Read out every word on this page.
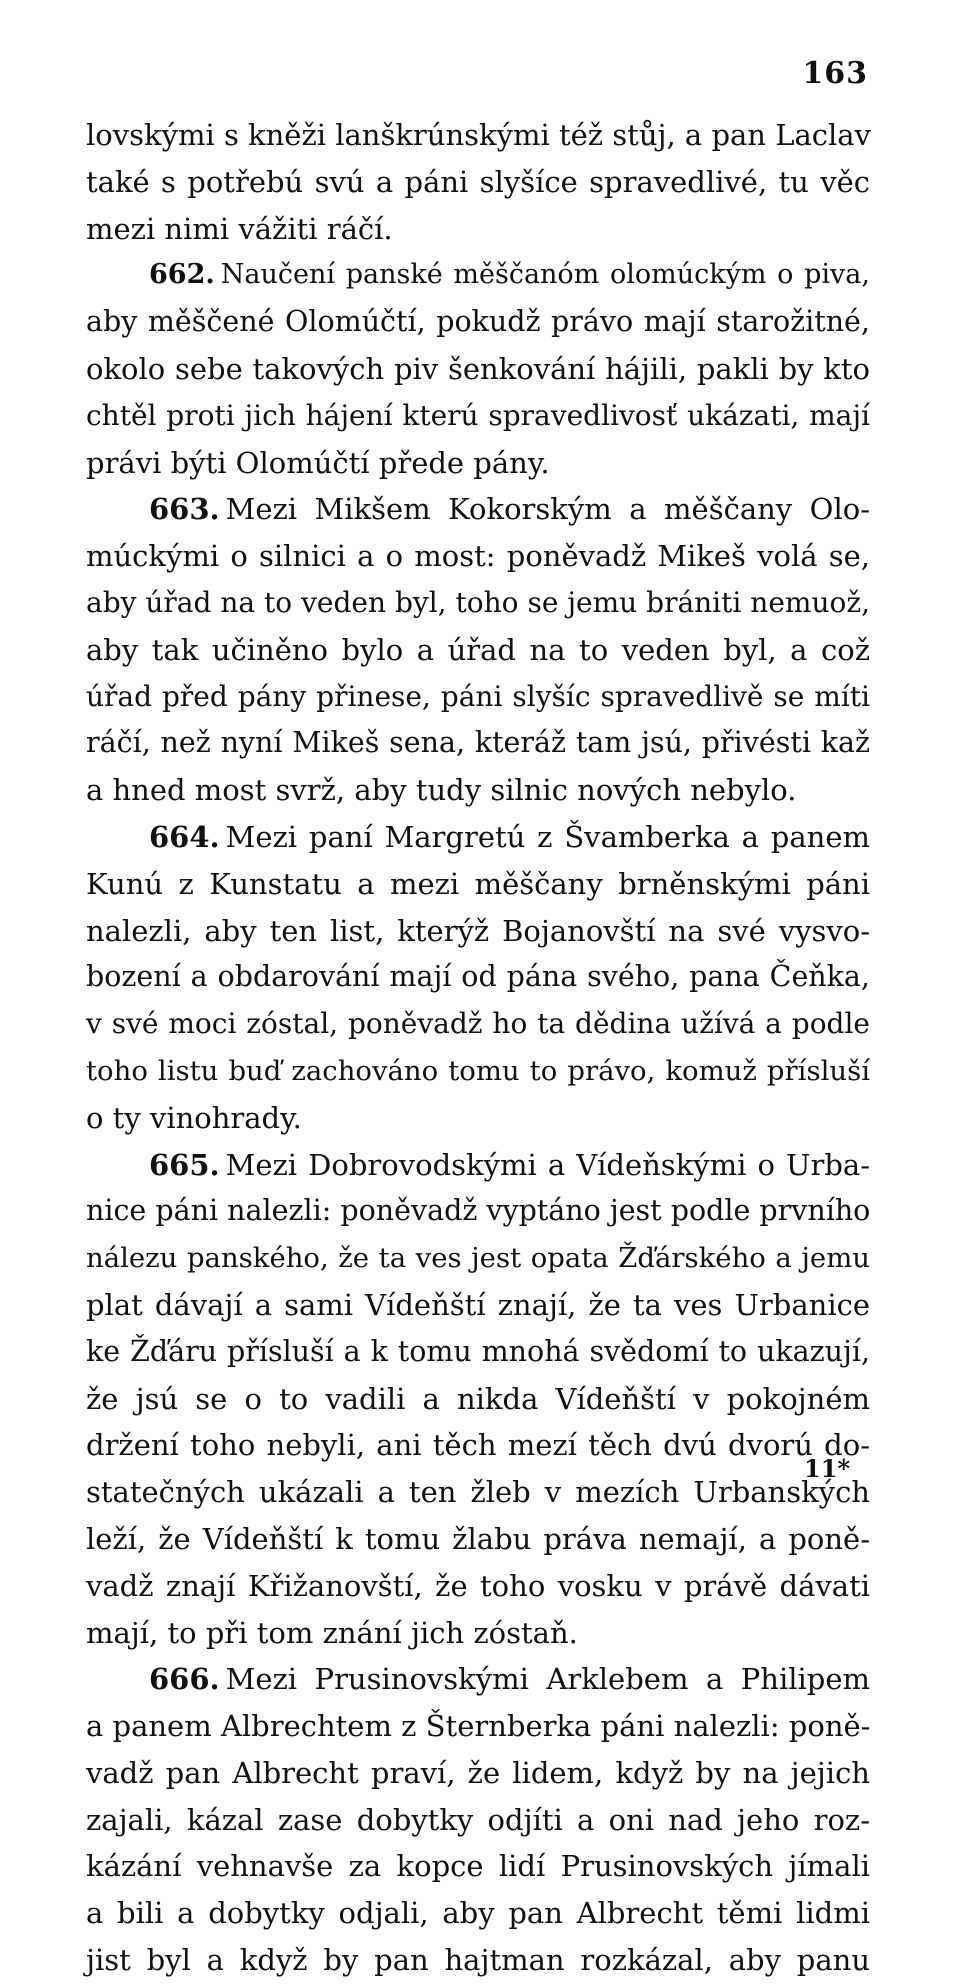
163
lovskými s kněži lanškrúnskými též stůj, a pan Laclav
také s potřebú svú a páni slyšíce spravedlivé, tu věc
mezi nimi vážiti ráčí.
662. Naučení panské měščanóm olomúckým o piva,
aby měščené Olomúčtí, pokudž právo mají starožitné,
okolo sebe takových piv šenkování hájili, pakli by kto
chtěl proti jich hájení kterú spravedlivosť ukázati, mají
právi býti Olomúčtí přede pány.
663. Mezi Mikšem Kokorským a měščany Olo-
múckými o silnici a o most: poněvadž Mikeš volá se,
aby úřad na to veden byl, toho se jemu brániti nemuož,
aby tak učiněno bylo a úřad na to veden byl, a což
úřad před pány přinese, páni slyšíc spravedlivě se míti
ráčí, než nyní Mikeš sena, kteráž tam jsú, přivésti kaž
a hned most svrž, aby tudy silnic nových nebylo.
664. Mezi paní Margretú z Švamberka a panem
Kunú z Kunstatu a mezi měščany brněnskými páni
nalezli, aby ten list, kterýž Bojanovští na své vysvo-
bození a obdarování mají od pána svého, pana Čeňka,
v své moci zóstal, poněvadž ho ta dědina užívá a podle
toho listu buď zachováno tomu to právo, komuž přísluší
o ty vinohrady.
665. Mezi Dobrovodskými a Vídeňskými o Urba-
nice páni nalezli: poněvadž vyptáno jest podle prvního
nálezu panského, že ta ves jest opata Žďárského a jemu
plat dávají a sami Vídeňští znají, že ta ves Urbanice
ke Žďáru přísluší a k tomu mnohá svědomí to ukazují,
že jsú se o to vadili a nikda Vídeňští v pokojném
držení toho nebyli, ani těch mezí těch dvú dvorú do-
statečných ukázali a ten žleb v mezích Urbanských
leží, že Vídeňští k tomu žlabu práva nemají, a poně-
vadž znají Křižanovští, že toho vosku v právě dávati
mají, to při tom znání jich zóstaň.
666. Mezi Prusinovskými Arklebem a Philipem
a panem Albrechtem z Šternberka páni nalezli: poně-
vadž pan Albrecht praví, že lidem, když by na jejich
zajali, kázal zase dobytky odjíti a oni nad jeho roz-
kázání vehnavše za kopce lidí Prusinovských jímali
a bili a dobytky odjali, aby pan Albrecht těmi lidmi
jist byl a když by pan hajtman rozkázal, aby panu
11*
